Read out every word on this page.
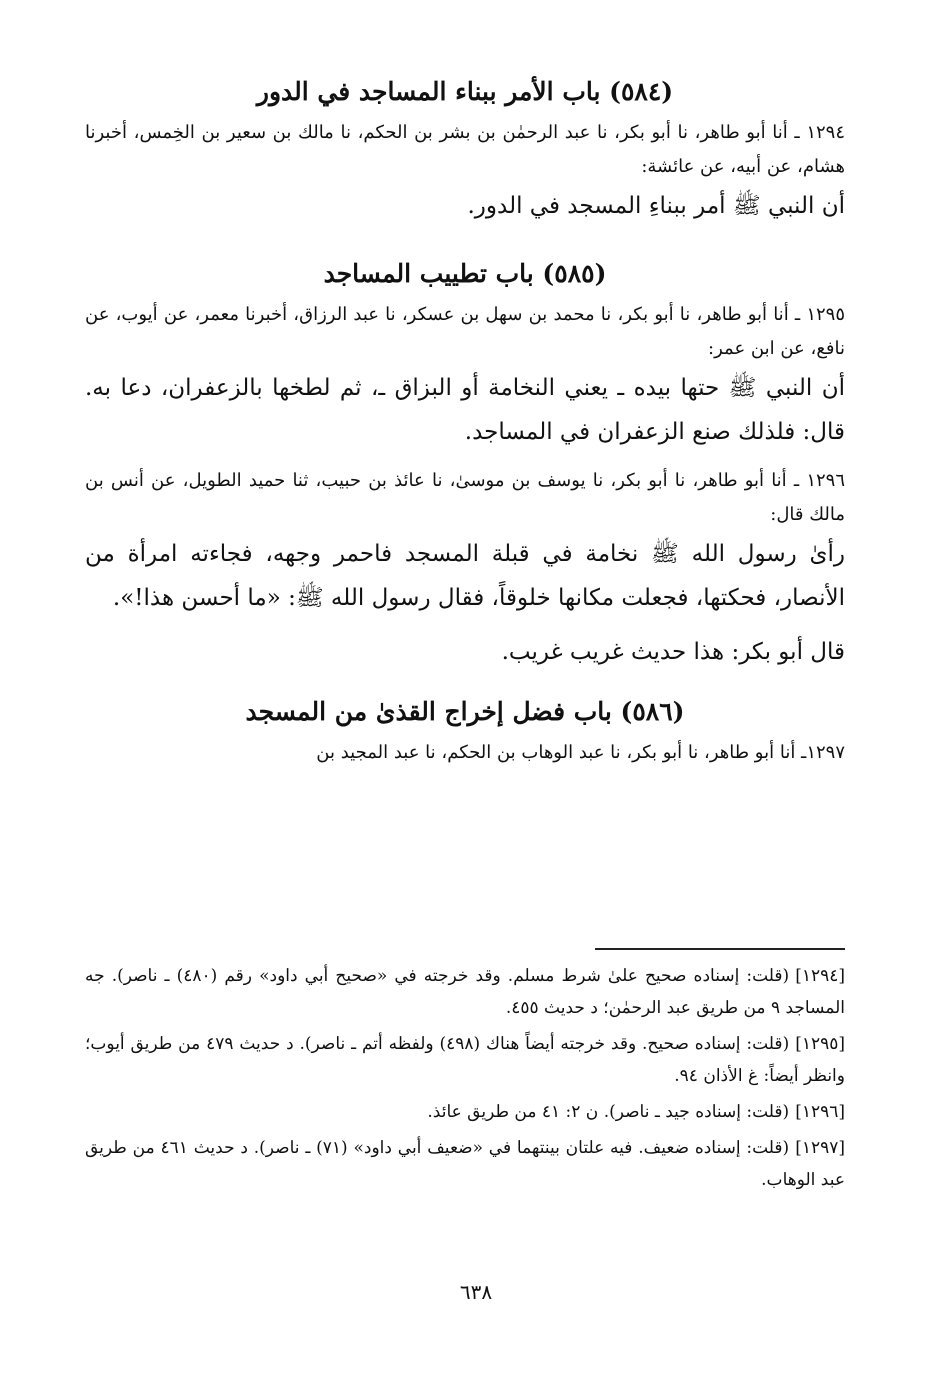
(٥٨٤) باب الأمر ببناء المساجد في الدور

١٢٩٤ ـ أنا أبو طاهر، نا أبو بكر، نا عبد الرحمٰن بن بشر بن الحكم، نا مالك بن سعير بن الخِمس، أخبرنا هشام، عن أبيه، عن عائشة:

أن النبي ﷺ أمر ببناءِ المسجد في الدور.

(٥٨٥) باب تطييب المساجد

١٢٩٥ ـ أنا أبو طاهر، نا أبو بكر، نا محمد بن سهل بن عسكر، نا عبد الرزاق، أخبرنا معمر، عن أيوب، عن نافع، عن ابن عمر:

أن النبي ﷺ حتها بيده ـ يعني النخامة أو البزاق ـ، ثم لطخها بالزعفران، دعا به. قال: فلذلك صنع الزعفران في المساجد.

١٢٩٦ ـ أنا أبو طاهر، نا أبو بكر، نا يوسف بن موسىٰ، نا عائذ بن حبيب، ثنا حميد الطويل، عن أنس بن مالك قال:

رأىٰ رسول الله ﷺ نخامة في قبلة المسجد فاحمر وجهه، فجاءته امرأة من الأنصار، فحكتها، فجعلت مكانها خلوقاً، فقال رسول الله ﷺ: «ما أحسن هذا!».

قال أبو بكر: هذا حديث غريب غريب.

(٥٨٦) باب فضل إخراج القذىٰ من المسجد

١٢٩٧ـ أنا أبو طاهر، نا أبو بكر، نا عبد الوهاب بن الحكم، نا عبد المجيد بن

[١٢٩٤](قلت: إسناده صحيح علىٰ شرط مسلم. وقد خرجته في «صحيح أبي داود» رقم (٤٨٠) ـ ناصر). جه المساجد ٩ من طريق عبد الرحمٰن؛ د حديث ٤٥٥.

[١٢٩٥](قلت: إسناده صحيح. وقد خرجته أيضاً هناك (٤٩٨) ولفظه أتم ـ ناصر). د حديث ٤٧٩ من طريق أيوب؛ وانظر أيضاً: غ الأذان ٩٤.

[١٢٩٦](قلت: إسناده جيد ـ ناصر). ن ٢: ٤١ من طريق عائذ.

[١٢٩٧](قلت: إسناده ضعيف. فيه علتان بينتهما في «ضعيف أبي داود» (٧١) ـ ناصر). د حديث ٤٦١ من طريق عبد الوهاب.

٦٣٨
